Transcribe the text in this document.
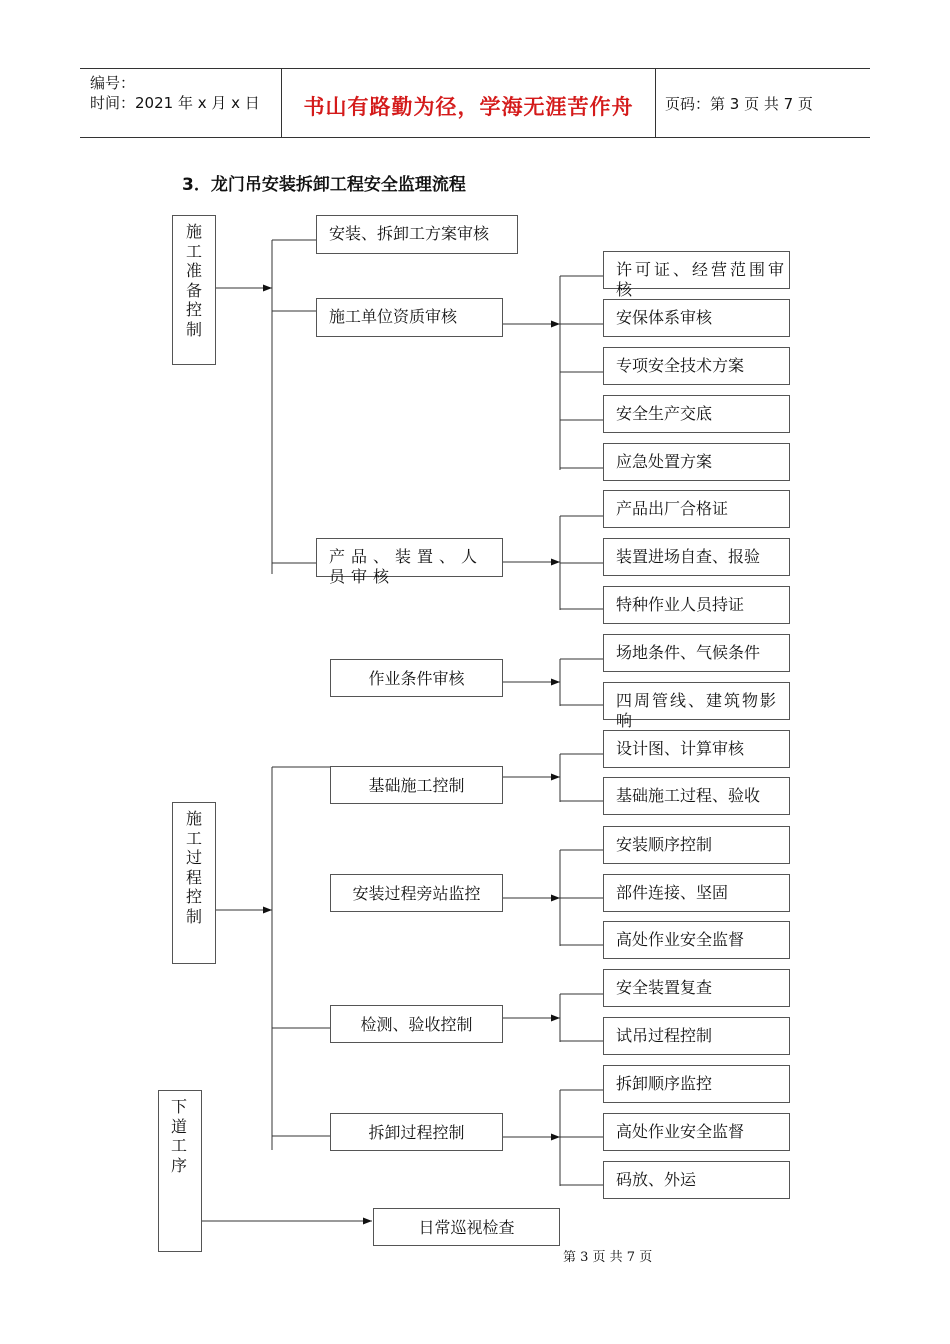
编号：
时间：2021 年 x 月 x 日	书山有路勤为径，学海无涯苦作舟	页码：第 3 页 共 7 页
3．龙门吊安装拆卸工程安全监理流程
施
工
准
备
控
制
施
工
过
程
控
制
下
道
工
序
安装、拆卸工方案审核
施工单位资质审核
产品、装置、人员审核
作业条件审核
基础施工控制
安装过程旁站监控
检测、验收控制
拆卸过程控制
日常巡视检查
许可证、经营范围审核
安保体系审核
专项安全技术方案
安全生产交底
应急处置方案
产品出厂合格证
装置进场自查、报验
特种作业人员持证
场地条件、气候条件
四周管线、建筑物影响
设计图、计算审核
基础施工过程、验收
安装顺序控制
部件连接、坚固
高处作业安全监督
安全装置复查
试吊过程控制
拆卸顺序监控
高处作业安全监督
码放、外运
第 3 页 共 7 页
